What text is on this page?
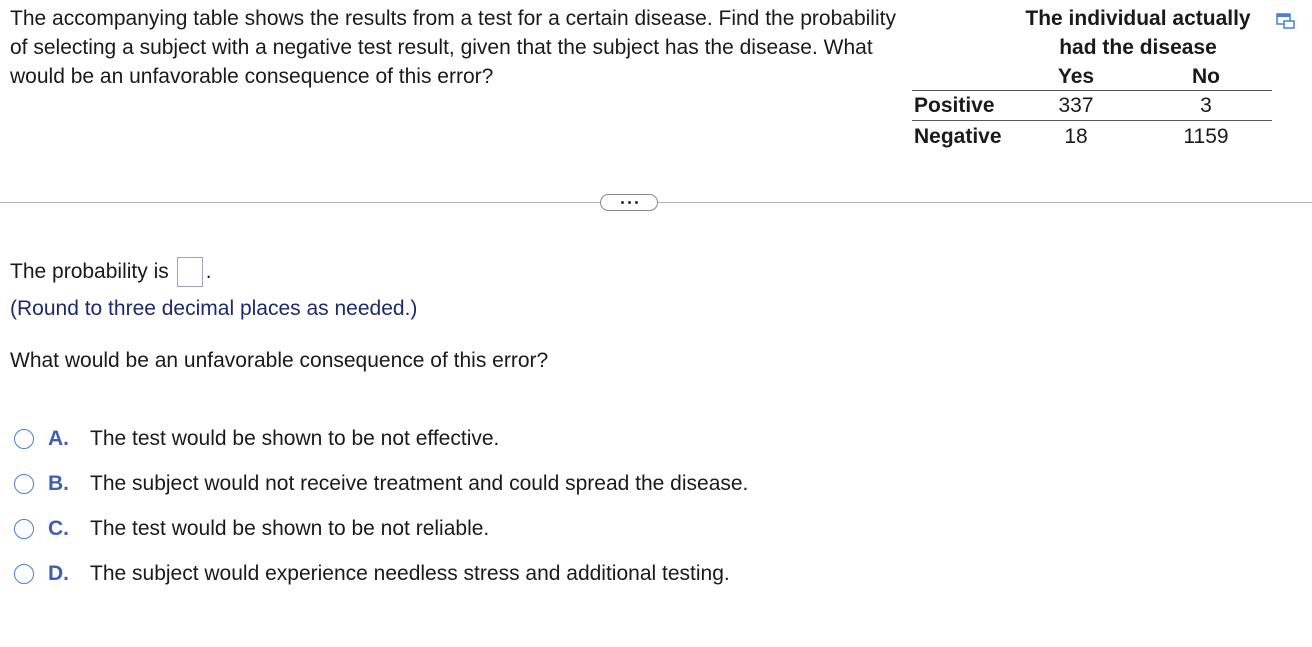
The accompanying table shows the results from a test for a certain disease. Find the probability of selecting a subject with a negative test result, given that the subject has the disease. What would be an unfavorable consequence of this error?

The individual actually
had the disease
Yes	No
Positive	337	3
Negative	18	1159
The probability is .
(Round to three decimal places as needed.)
What would be an unfavorable consequence of this error?
A.	The test would be shown to be not effective.
B.	The subject would not receive treatment and could spread the disease.
C.	The test would be shown to be not reliable.
D.	The subject would experience needless stress and additional testing.
